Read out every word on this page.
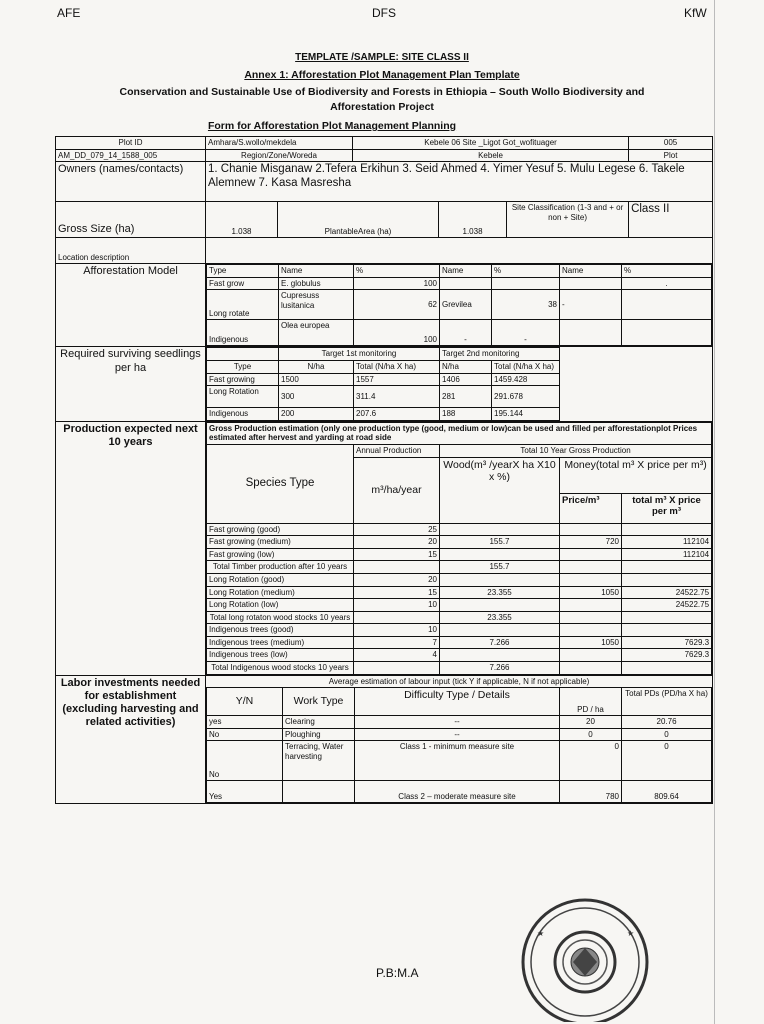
AFE	DFS	KfW
TEMPLATE /SAMPLE: SITE CLASS II
Annex 1: Afforestation Plot Management Plan Template
Conservation and Sustainable Use of Biodiversity and Forests in Ethiopia – South Wollo Biodiversity and
Afforestation Project
Form for Afforestation Plot Management Planning
Plot ID	Amhara/S.wollo/mekdela	Kebele 06 Site _Ligot Got_wofituager	005
AM_DD_079_14_1588_005	Region/Zone/Woreda	Kebele	Plot
Owners (names/contacts)	1. Chanie Misganaw 2.Tefera Erkihun 3. Seid Ahmed 4. Yimer Yesuf 5. Mulu Legese 6. Takele Alemnew 7. Kasa Masresha
Gross Size (ha)	1.038	PlantableArea (ha)	1.038	Site Classification (1-3 and + or non + Site)	Class II
Location description	
Afforestation Model		Type	Name	%	Name	%	Name	%
Fast grow	E. globulus	100				.
Long rotate	Cupresuss lusitanica	62	Grevilea	38	-	
Indigenous	Olea europea	100	-	-		

Required surviving seedlings per ha	
	Target 1st monitoring	Target 2nd monitoring	
Type	N/ha	Total (N/ha X ha)	N/ha	Total (N/ha X ha)	
Fast growing	1500	1557	1406	1459.428	
Long Rotation	300	311.4	281	291.678	
Indigenous	200	207.6	188	195.144	

Production expected next 10 years	
Gross Production estimation (only one production type (good, medium or low)can be used and filled per afforestationplot Prices estimated after hervest and yarding at road side
Species Type	Annual Production	Total 10 Year Gross Production
m³/ha/year	Wood(m³ /yearX ha X10 x %)	Money(total m³ X price per m³)
Price/m³	total m³ X price per m³
Fast growing (good)	25			
Fast growing (medium)	20	155.7	720	112104
Fast growing (low)	15			112104
Total Timber production after 10 years		155.7		
Long Rotation (good)	20			
Long Rotation (medium)	15	23.355	1050	24522.75
Long Rotation (low)	10			24522.75
Total long rotaton wood stocks 10 years		23.355		
Indigenous trees (good)	10			
Indigenous trees (medium)	7	7.266	1050	7629.3
Indigenous trees (low)	4			7629.3
Total Indigenous wood stocks 10 years		7.266		

Labor investments needed for establishment (excluding harvesting and related activities)	
Average estimation of labour input (tick Y if applicable, N if not applicable)
Y/N	Work Type	Difficulty Type / Details	PD / ha	Total PDs (PD/ha X ha)
yes	Clearing	--	20	20.76
No	Ploughing	--	0	0
No	Terracing, Water harvesting	Class 1 - minimum measure site	0	0
Yes		Class 2 – moderate measure site	780	809.64
P.B:M.A
★	★
